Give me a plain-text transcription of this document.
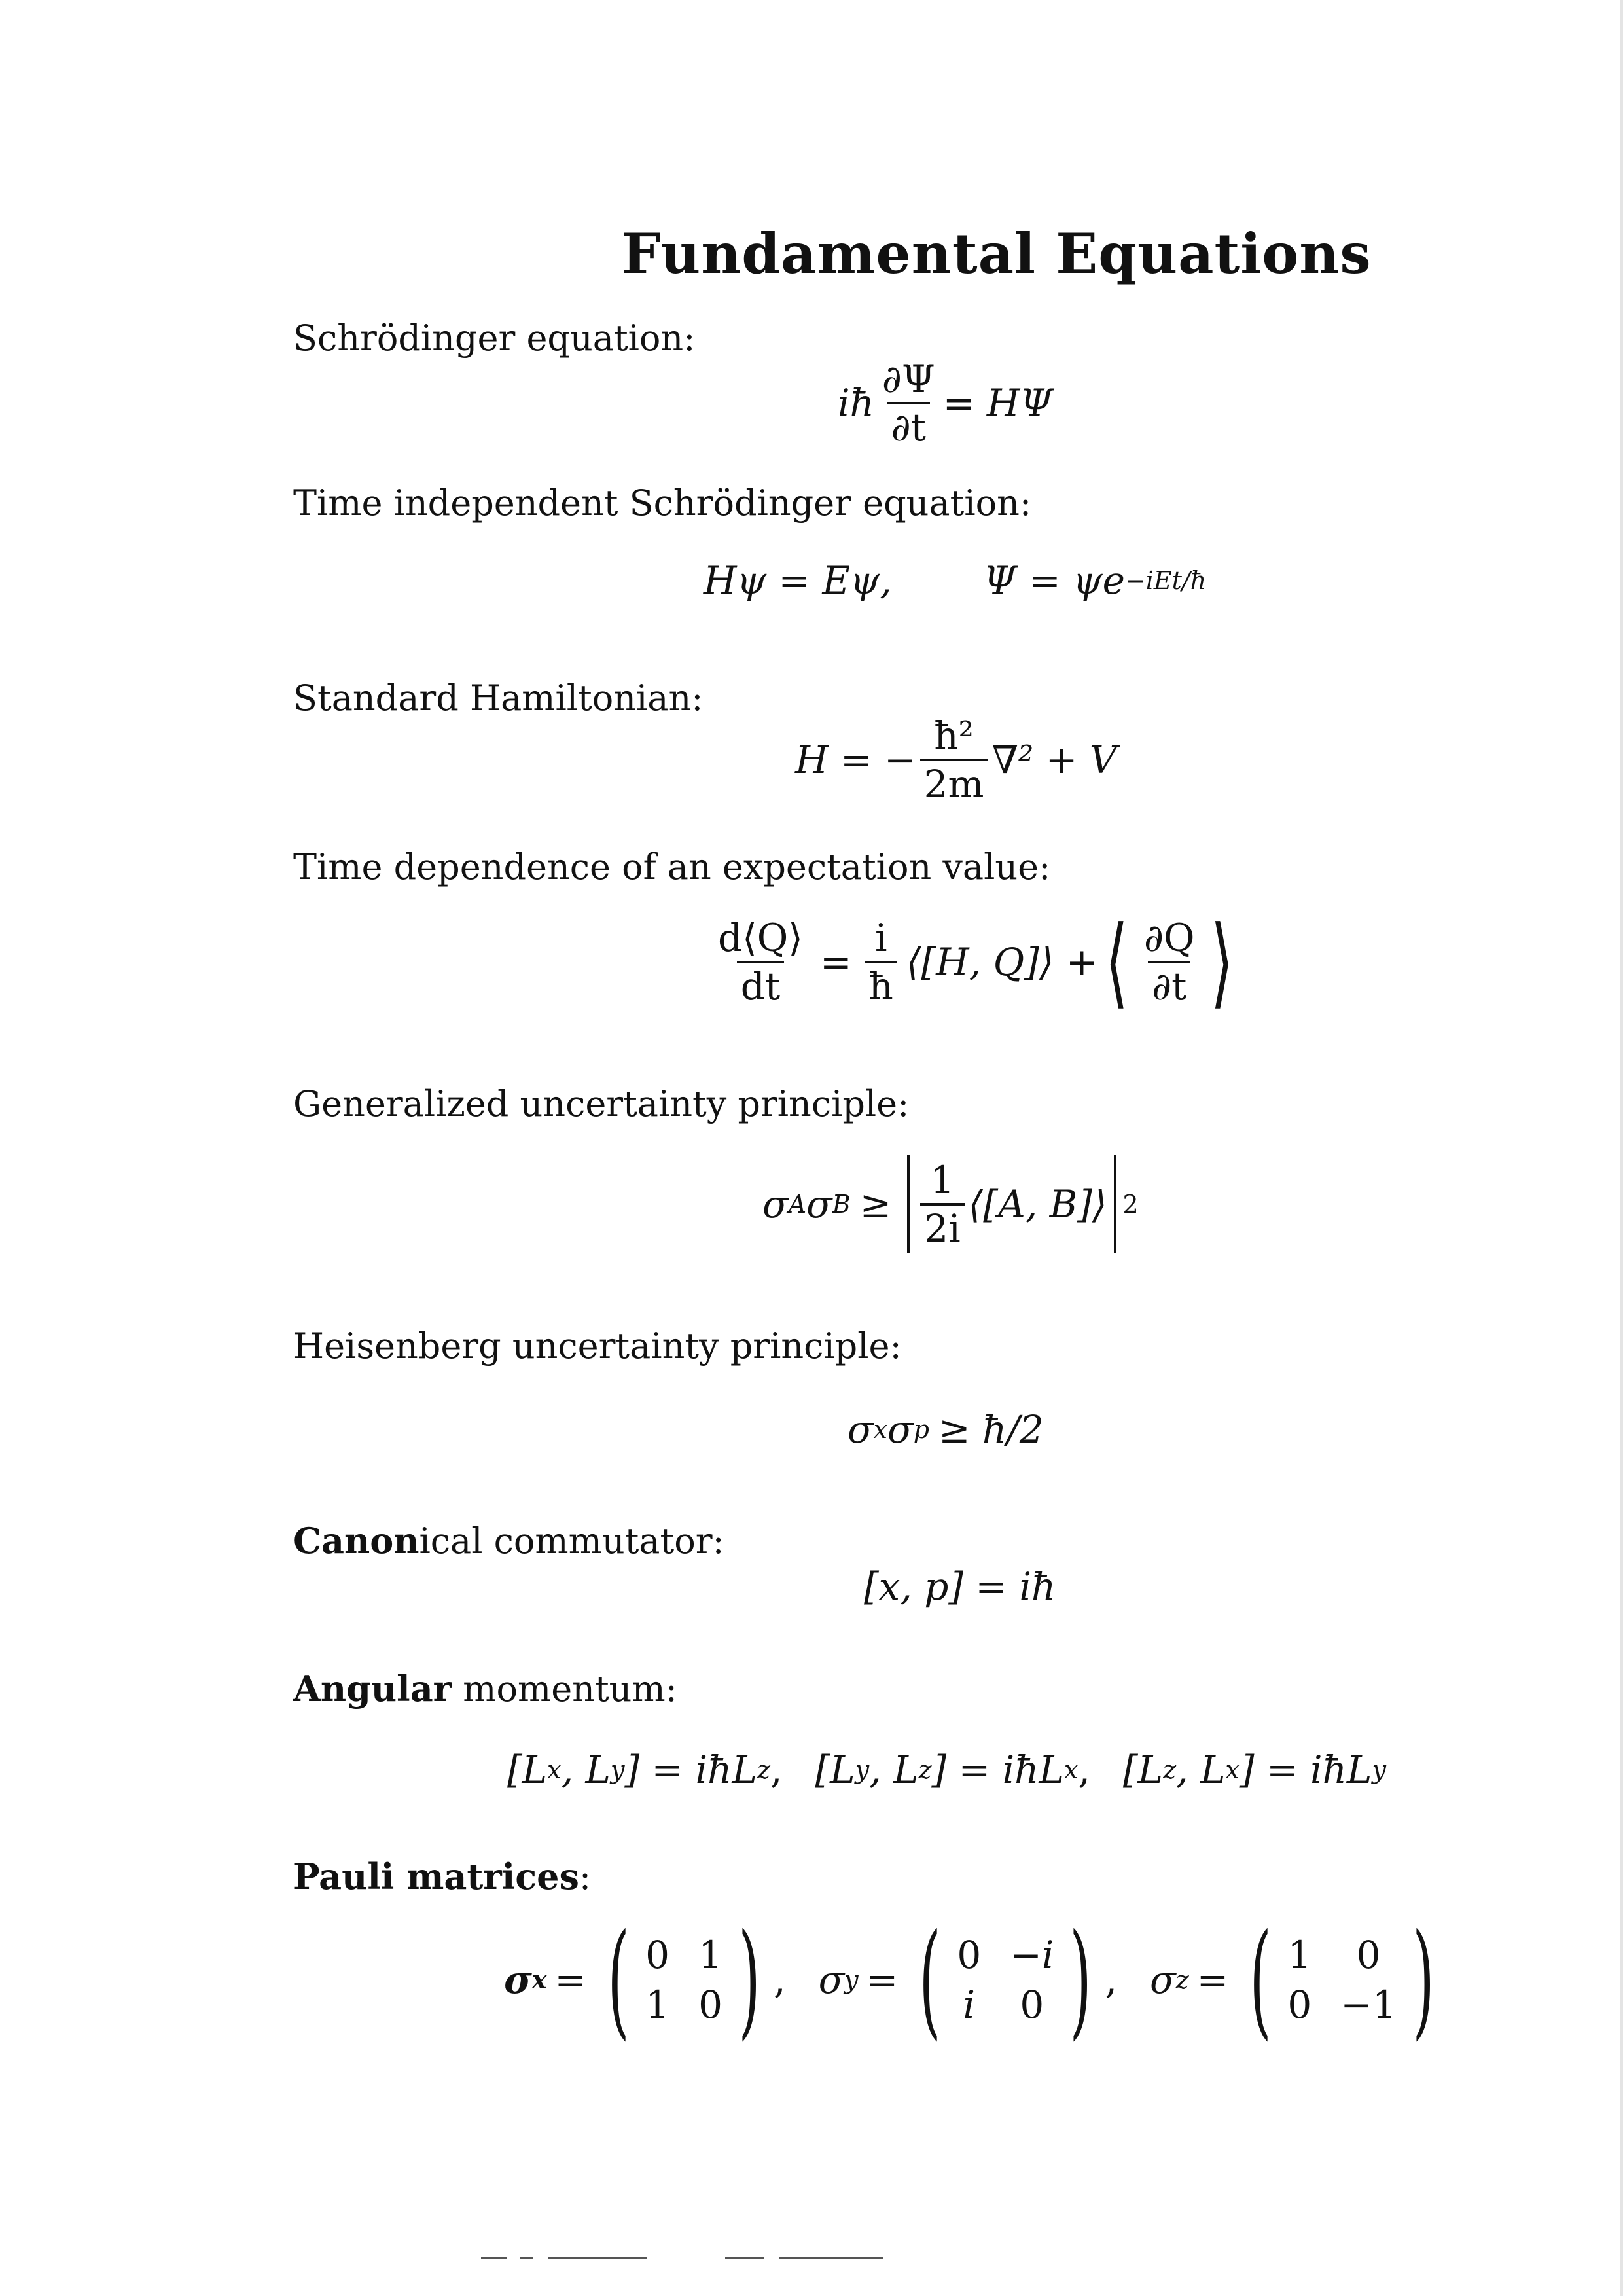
Fundamental Equations
Schrödinger equation:
iħ $\frac{\partial\Psi}{\partial t} = H\Psi$
Time independent Schrödinger equation:
Hψ = Eψ, Ψ = ψe −iEt/ħ
Standard Hamiltonian:
H = − $\frac{\text{ħ²}}{2m} \nabla^2 + V$
Time dependence of an expectation value:
$\frac{d⟨Q⟩}{dt} = \frac{i}{ħ}$ ⟨[H, Q]⟩ + ⟨ $\frac{\partial Q}{\partial t}$ ⟩
Generalized uncertainty principle:
σ A σ $B \ge \frac{1}{2i}$ ⟨[A, B]⟩ 2
Heisenberg uncertainty principle:
σ x σ p ≥ ħ/2
Canonical commutator:
[x, p] = iħ
Angular momentum:
[L x , L y ] = iħL z , [L y , L z ] = iħL x , [L z , L x ] = iħL y
Pauli matrices:
σ x = ( 0 1
1 0 ) , σ y = ( 0 −i
i 0 ) , σ z = ( 1	0
0 −1 )
